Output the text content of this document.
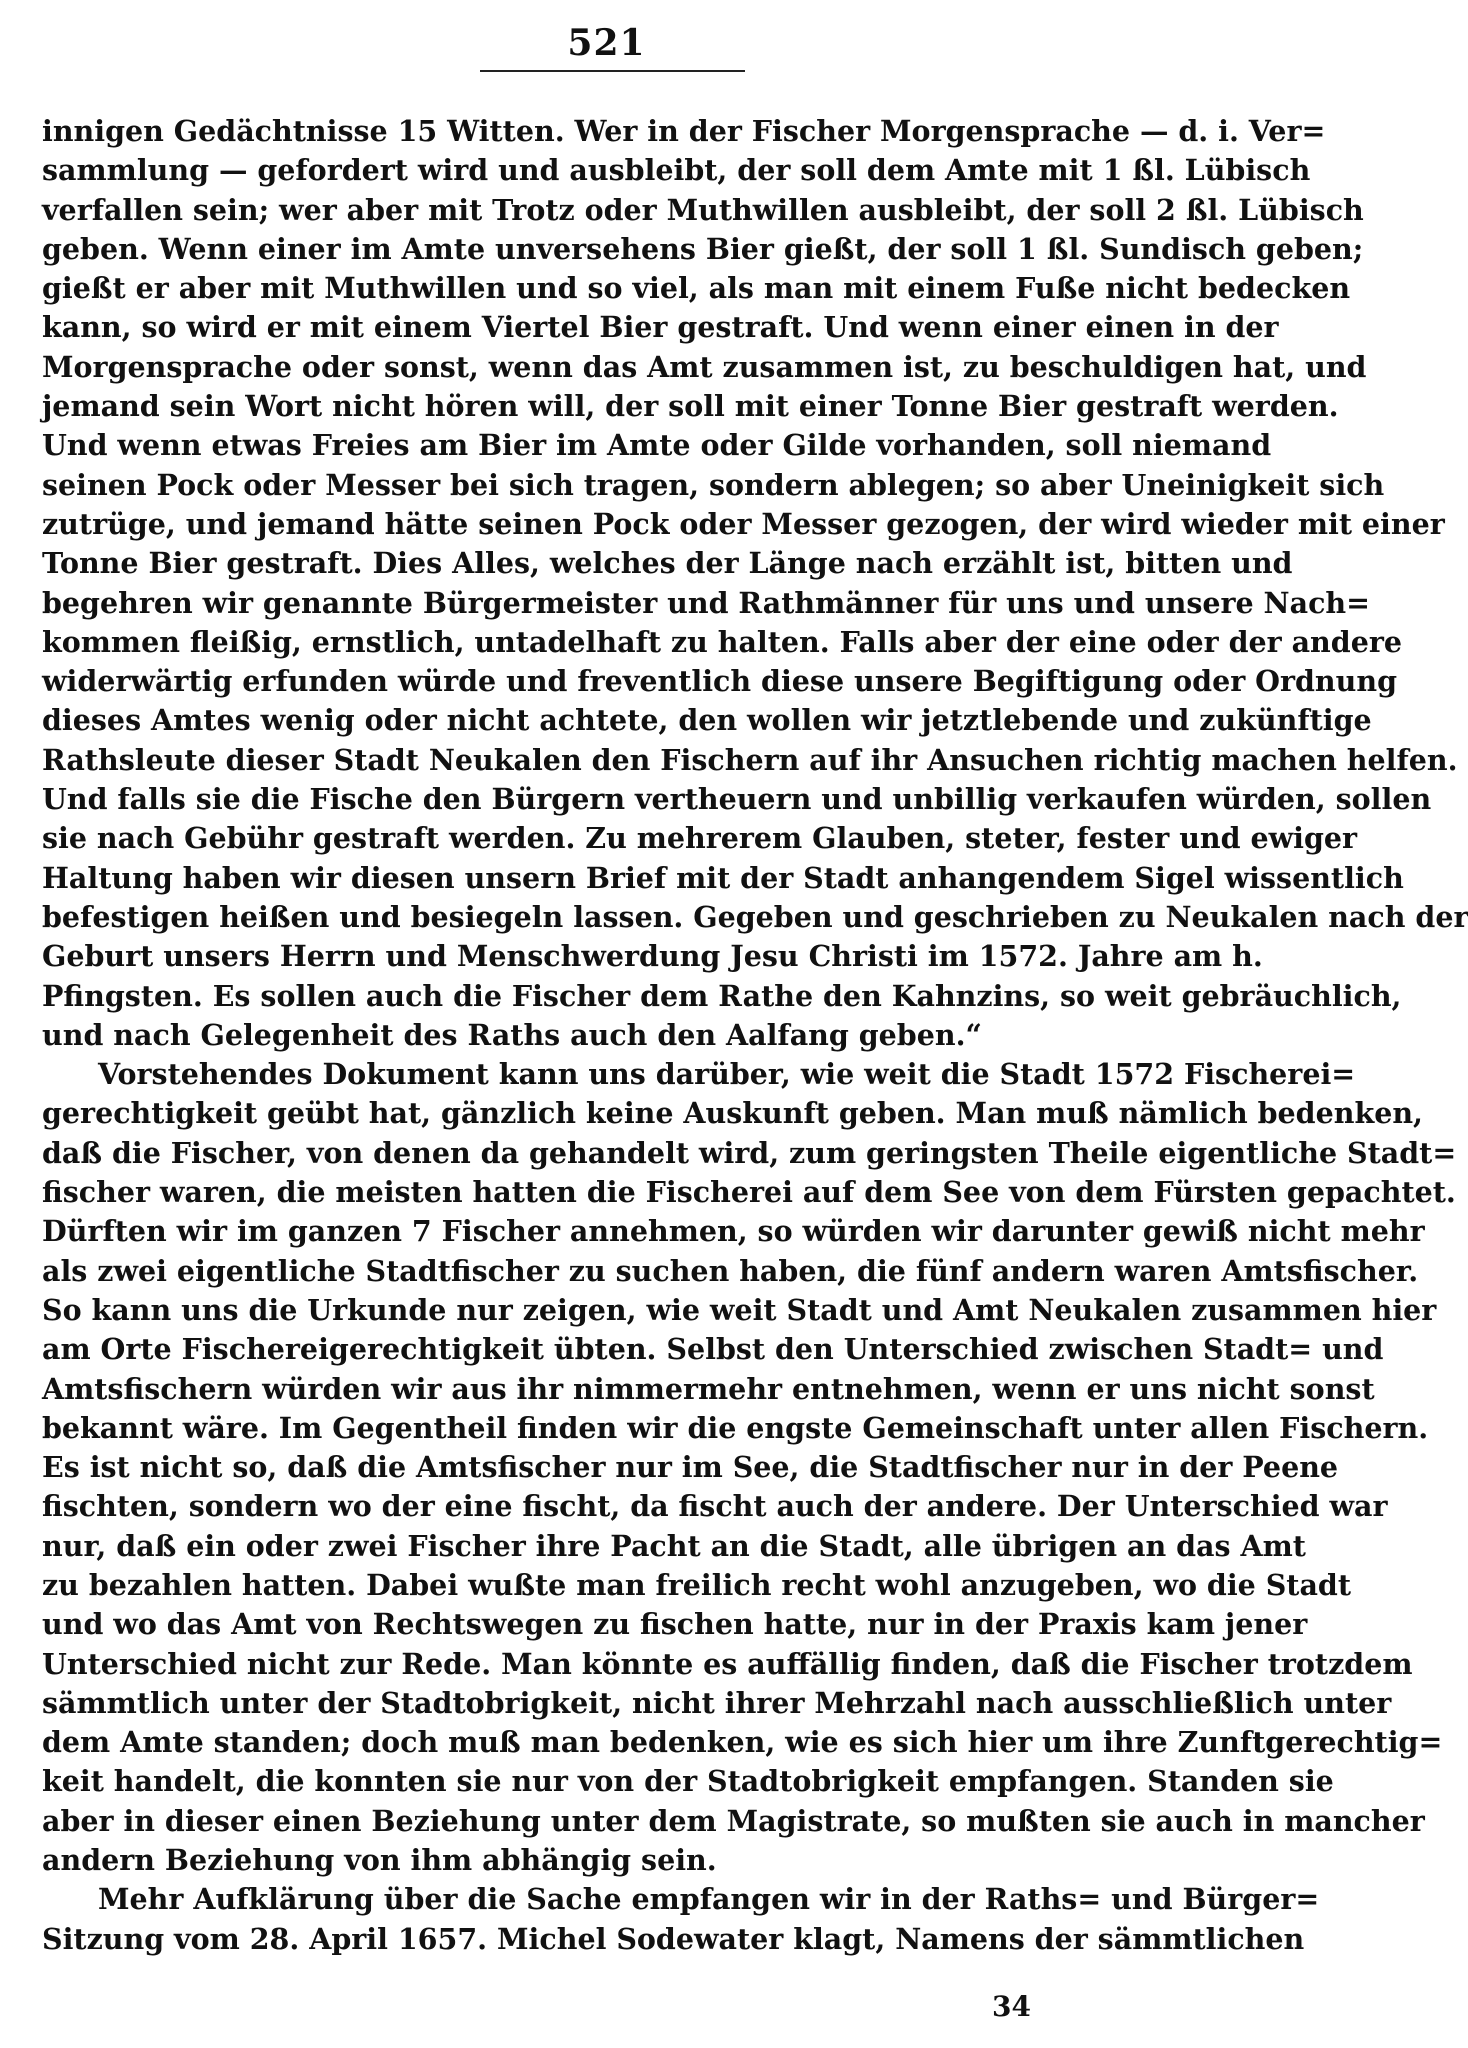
521
innigen Gedächtnisse 15 Witten. Wer in der Fischer Morgensprache — d. i. Ver=
sammlung — gefordert wird und ausbleibt, der soll dem Amte mit 1 ßl. Lübisch
verfallen sein; wer aber mit Trotz oder Muthwillen ausbleibt, der soll 2 ßl. Lübisch
geben. Wenn einer im Amte unversehens Bier gießt, der soll 1 ßl. Sundisch geben;
gießt er aber mit Muthwillen und so viel, als man mit einem Fuße nicht bedecken
kann, so wird er mit einem Viertel Bier gestraft. Und wenn einer einen in der
Morgensprache oder sonst, wenn das Amt zusammen ist, zu beschuldigen hat, und
jemand sein Wort nicht hören will, der soll mit einer Tonne Bier gestraft werden.
Und wenn etwas Freies am Bier im Amte oder Gilde vorhanden, soll niemand
seinen Pock oder Messer bei sich tragen, sondern ablegen; so aber Uneinigkeit sich
zutrüge, und jemand hätte seinen Pock oder Messer gezogen, der wird wieder mit einer
Tonne Bier gestraft. Dies Alles, welches der Länge nach erzählt ist, bitten und
begehren wir genannte Bürgermeister und Rathmänner für uns und unsere Nach=
kommen fleißig, ernstlich, untadelhaft zu halten. Falls aber der eine oder der andere
widerwärtig erfunden würde und freventlich diese unsere Begiftigung oder Ordnung
dieses Amtes wenig oder nicht achtete, den wollen wir jetztlebende und zukünftige
Rathsleute dieser Stadt Neukalen den Fischern auf ihr Ansuchen richtig machen helfen.
Und falls sie die Fische den Bürgern vertheuern und unbillig verkaufen würden, sollen
sie nach Gebühr gestraft werden. Zu mehrerem Glauben, steter, fester und ewiger
Haltung haben wir diesen unsern Brief mit der Stadt anhangendem Sigel wissentlich
befestigen heißen und besiegeln lassen. Gegeben und geschrieben zu Neukalen nach der
Geburt unsers Herrn und Menschwerdung Jesu Christi im 1572. Jahre am h.
Pfingsten. Es sollen auch die Fischer dem Rathe den Kahnzins, so weit gebräuchlich,
und nach Gelegenheit des Raths auch den Aalfang geben.“
Vorstehendes Dokument kann uns darüber, wie weit die Stadt 1572 Fischerei=
gerechtigkeit geübt hat, gänzlich keine Auskunft geben. Man muß nämlich bedenken,
daß die Fischer, von denen da gehandelt wird, zum geringsten Theile eigentliche Stadt=
fischer waren, die meisten hatten die Fischerei auf dem See von dem Fürsten gepachtet.
Dürften wir im ganzen 7 Fischer annehmen, so würden wir darunter gewiß nicht mehr
als zwei eigentliche Stadtfischer zu suchen haben, die fünf andern waren Amtsfischer.
So kann uns die Urkunde nur zeigen, wie weit Stadt und Amt Neukalen zusammen hier
am Orte Fischereigerechtigkeit übten. Selbst den Unterschied zwischen Stadt= und
Amtsfischern würden wir aus ihr nimmermehr entnehmen, wenn er uns nicht sonst
bekannt wäre. Im Gegentheil finden wir die engste Gemeinschaft unter allen Fischern.
Es ist nicht so, daß die Amtsfischer nur im See, die Stadtfischer nur in der Peene
fischten, sondern wo der eine fischt, da fischt auch der andere. Der Unterschied war
nur, daß ein oder zwei Fischer ihre Pacht an die Stadt, alle übrigen an das Amt
zu bezahlen hatten. Dabei wußte man freilich recht wohl anzugeben, wo die Stadt
und wo das Amt von Rechtswegen zu fischen hatte, nur in der Praxis kam jener
Unterschied nicht zur Rede. Man könnte es auffällig finden, daß die Fischer trotzdem
sämmtlich unter der Stadtobrigkeit, nicht ihrer Mehrzahl nach ausschließlich unter
dem Amte standen; doch muß man bedenken, wie es sich hier um ihre Zunftgerechtig=
keit handelt, die konnten sie nur von der Stadtobrigkeit empfangen. Standen sie
aber in dieser einen Beziehung unter dem Magistrate, so mußten sie auch in mancher
andern Beziehung von ihm abhängig sein.
Mehr Aufklärung über die Sache empfangen wir in der Raths= und Bürger=
Sitzung vom 28. April 1657. Michel Sodewater klagt, Namens der sämmtlichen
34
